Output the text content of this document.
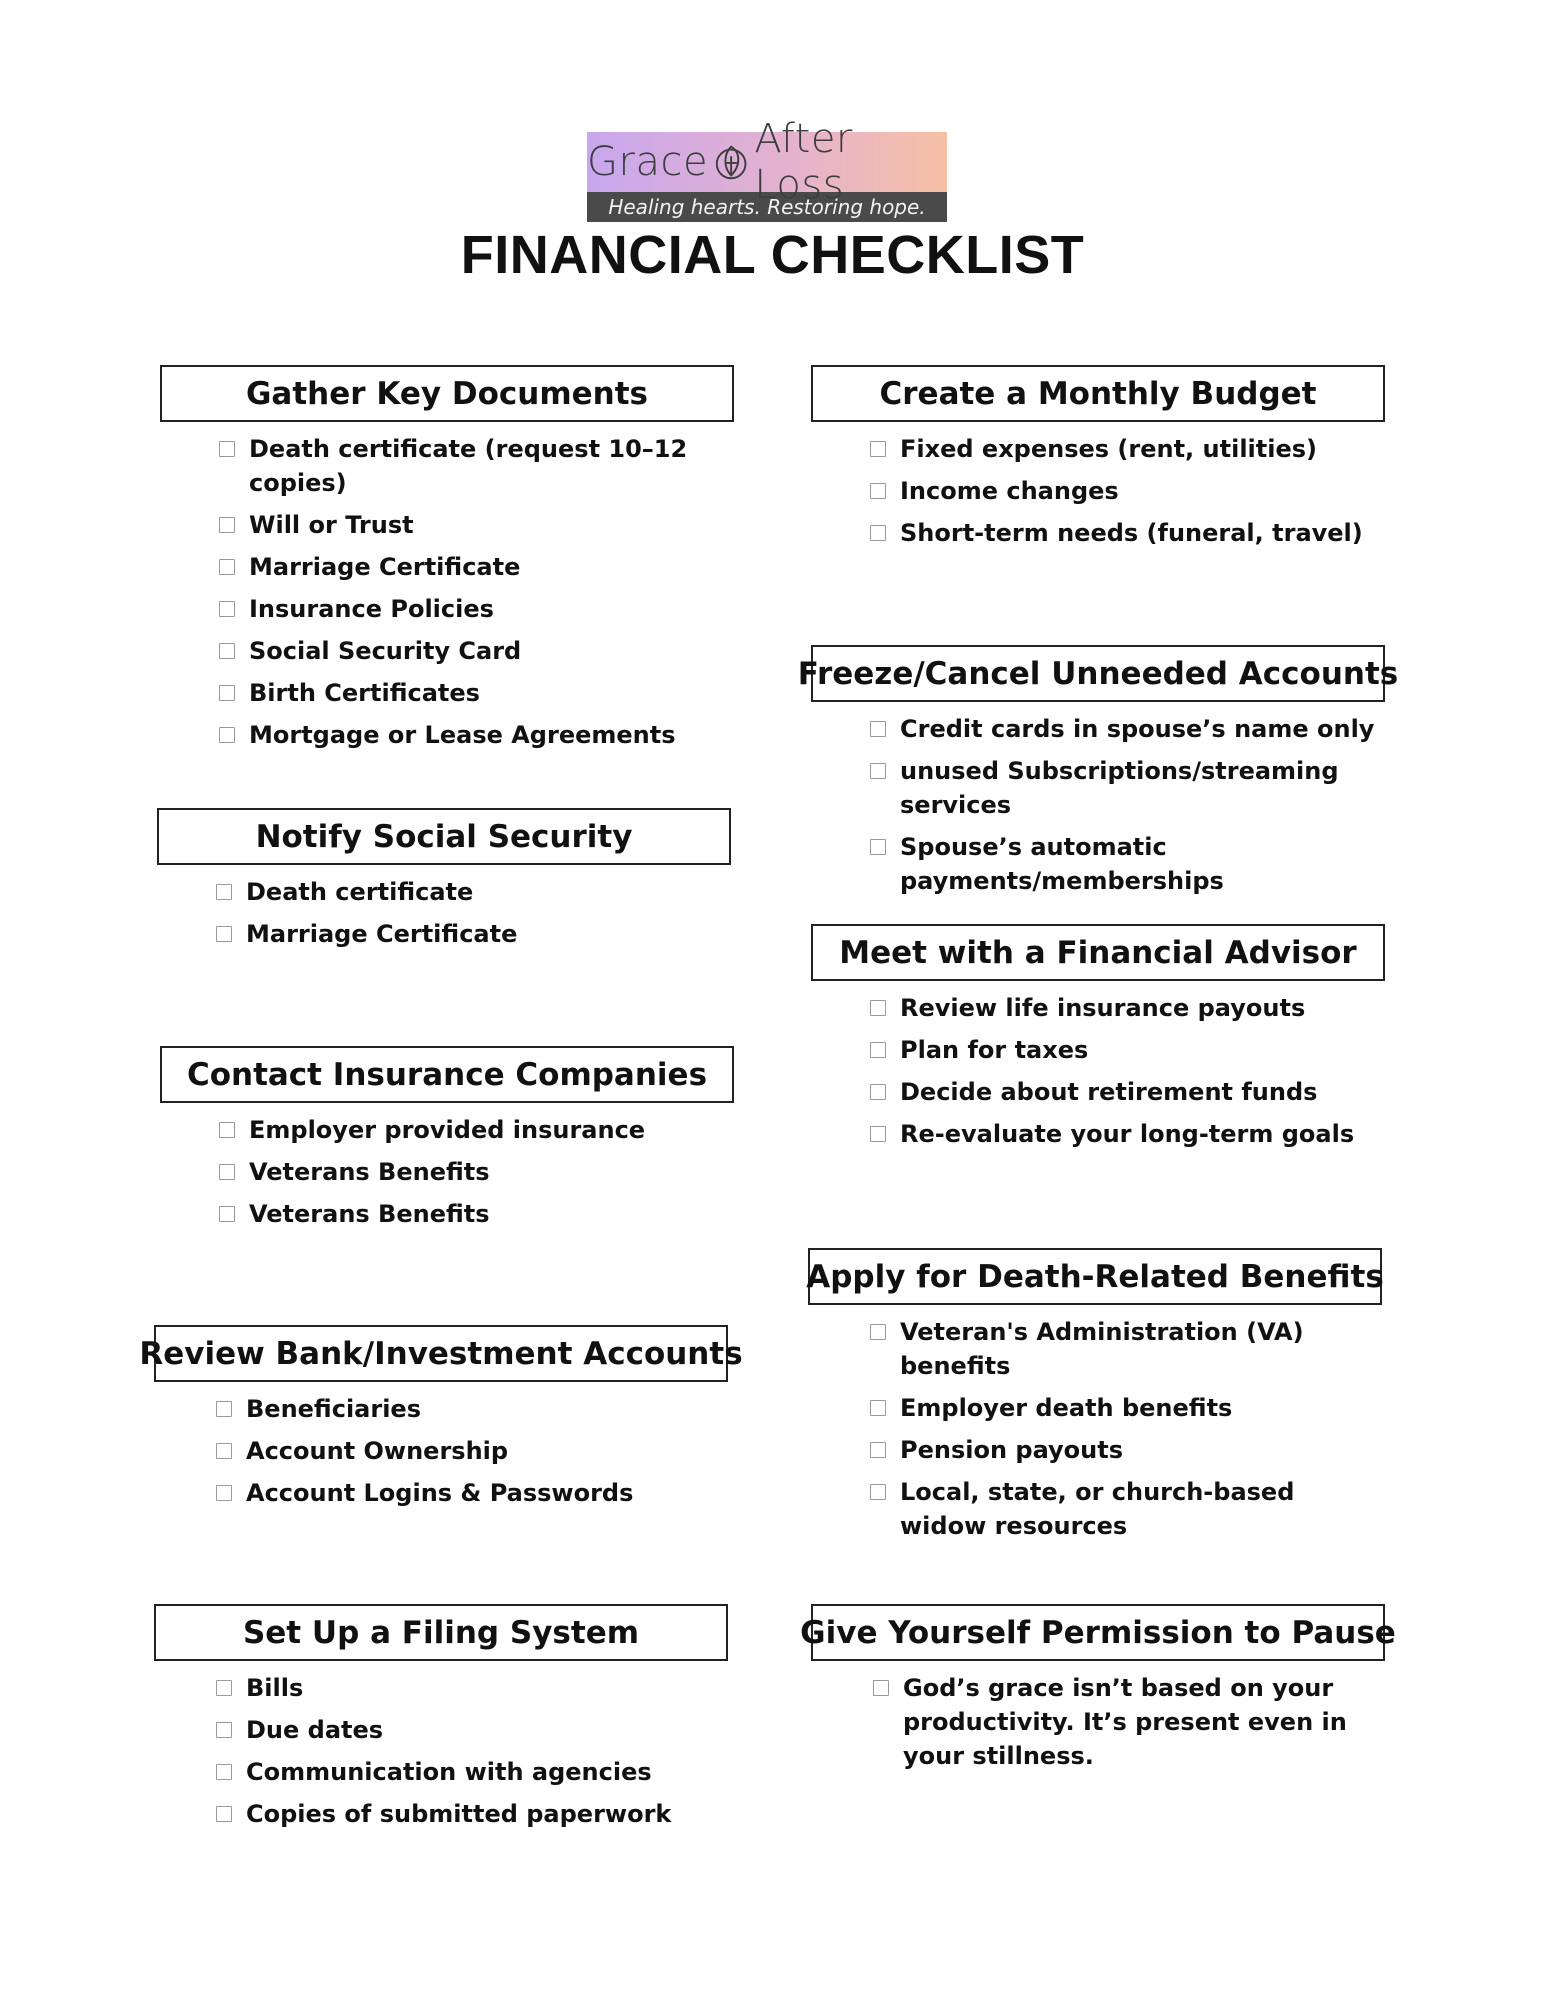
Grace After Loss
Healing hearts. Restoring hope.
FINANCIAL CHECKLIST
Gather Key Documents
Death certificate (request 10–12 copies)
Will or Trust
Marriage Certificate
Insurance Policies
Social Security Card
Birth Certificates
Mortgage or Lease Agreements
Notify Social Security
Death certificate
Marriage Certificate
Contact Insurance Companies
Employer provided insurance
Veterans Benefits
Veterans Benefits
Review Bank/Investment Accounts
Beneficiaries
Account Ownership
Account Logins & Passwords
Set Up a Filing System
Bills
Due dates
Communication with agencies
Copies of submitted paperwork
Create a Monthly Budget
Fixed expenses (rent, utilities)
Income changes
Short-term needs (funeral, travel)
Freeze/Cancel Unneeded Accounts
Credit cards in spouse’s name only
unused Subscriptions/streaming services
Spouse’s automatic payments/memberships
Meet with a Financial Advisor
Review life insurance payouts
Plan for taxes
Decide about retirement funds
Re-evaluate your long-term goals
Apply for Death-Related Benefits
Veteran's Administration (VA) benefits
Employer death benefits
Pension payouts
Local, state, or church-based widow resources
Give Yourself Permission to Pause
God’s grace isn’t based on your productivity. It’s present even in your stillness.
